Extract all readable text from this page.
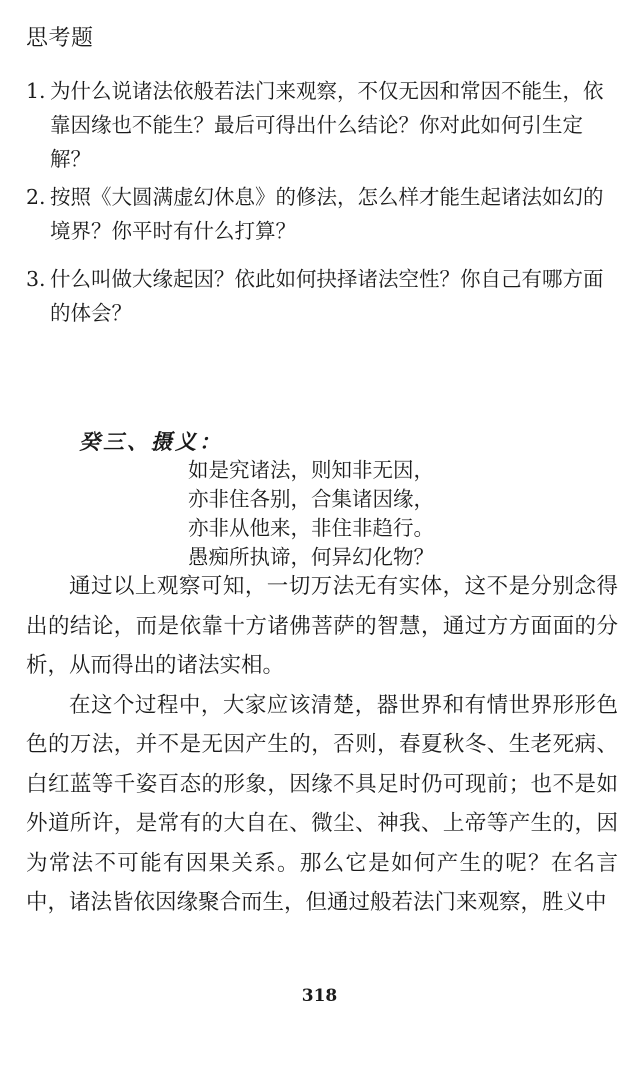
思考题
1. 为什么说诸法依般若法门来观察，不仅无因和常因不能生，依靠因缘也不能生？最后可得出什么结论？你对此如何引生定解？
2. 按照《大圆满虚幻休息》的修法，怎么样才能生起诸法如幻的境界？你平时有什么打算？
3. 什么叫做大缘起因？依此如何抉择诸法空性？你自己有哪方面的体会？
癸三、摄义：
如是究诸法，则知非无因，
亦非住各别，合集诸因缘，
亦非从他来，非住非趋行。
愚痴所执谛，何异幻化物？

通过以上观察可知，一切万法无有实体，这不是分别念得出的结论，而是依靠十方诸佛菩萨的智慧，通过方方面面的分析，从而得出的诸法实相。

在这个过程中，大家应该清楚，器世界和有情世界形形色色的万法，并不是无因产生的，否则，春夏秋冬、生老死病、白红蓝等千姿百态的形象，因缘不具足时仍可现前；也不是如外道所许，是常有的大自在、微尘、神我、上帝等产生的，因为常法不可能有因果关系。那么它是如何产生的呢？在名言中，诸法皆依因缘聚合而生，但通过般若法门来观察，胜义中

318
